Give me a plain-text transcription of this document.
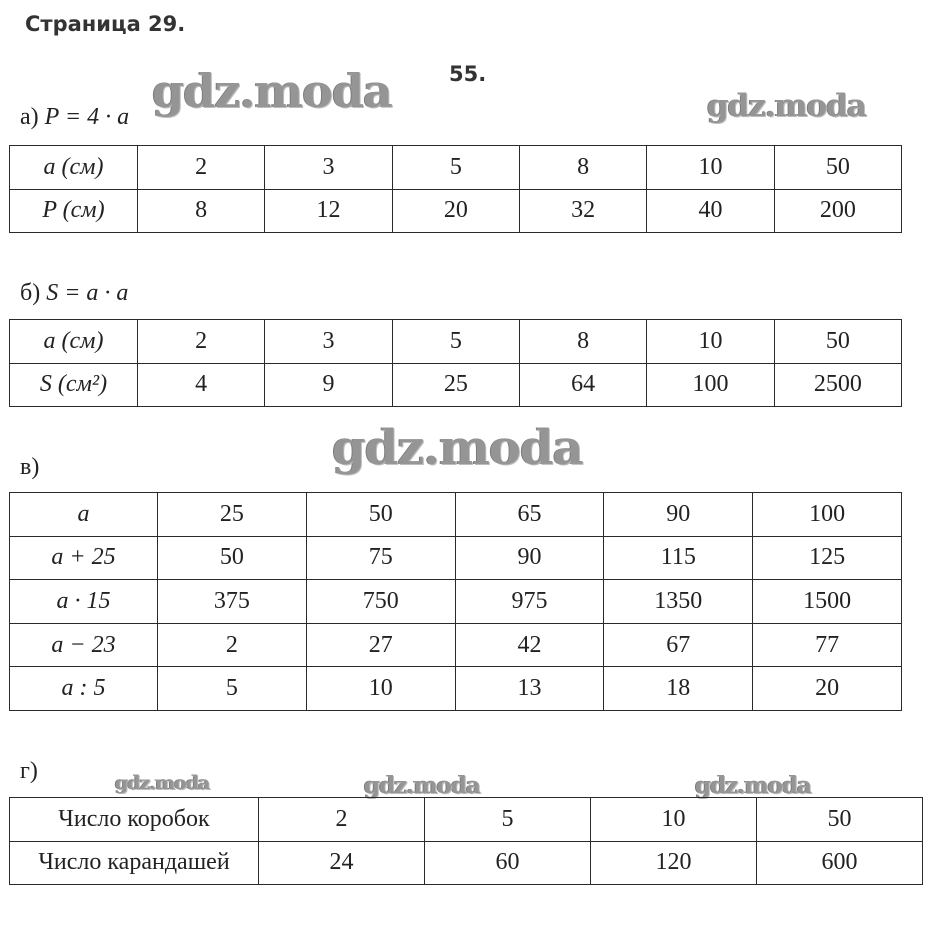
Страница 29.
55.
gdz.moda	gdz.moda
gdz.moda
gdz.moda	gdz.moda	gdz.moda
а) P = 4 · a
a (см)	2	3	5	8	10	50
P (см)	8	12	20	32	40	200
б) S = a · a
a (см)	2	3	5	8	10	50
S (см²)	4	9	25	64	100	2500
в)
a	25	50	65	90	100
a + 25	50	75	90	115	125
a · 15	375	750	975	1350	1500
a − 23	2	27	42	67	77
a : 5	5	10	13	18	20
г)
Число коробок	2	5	10	50
Число карандашей	24	60	120	600
